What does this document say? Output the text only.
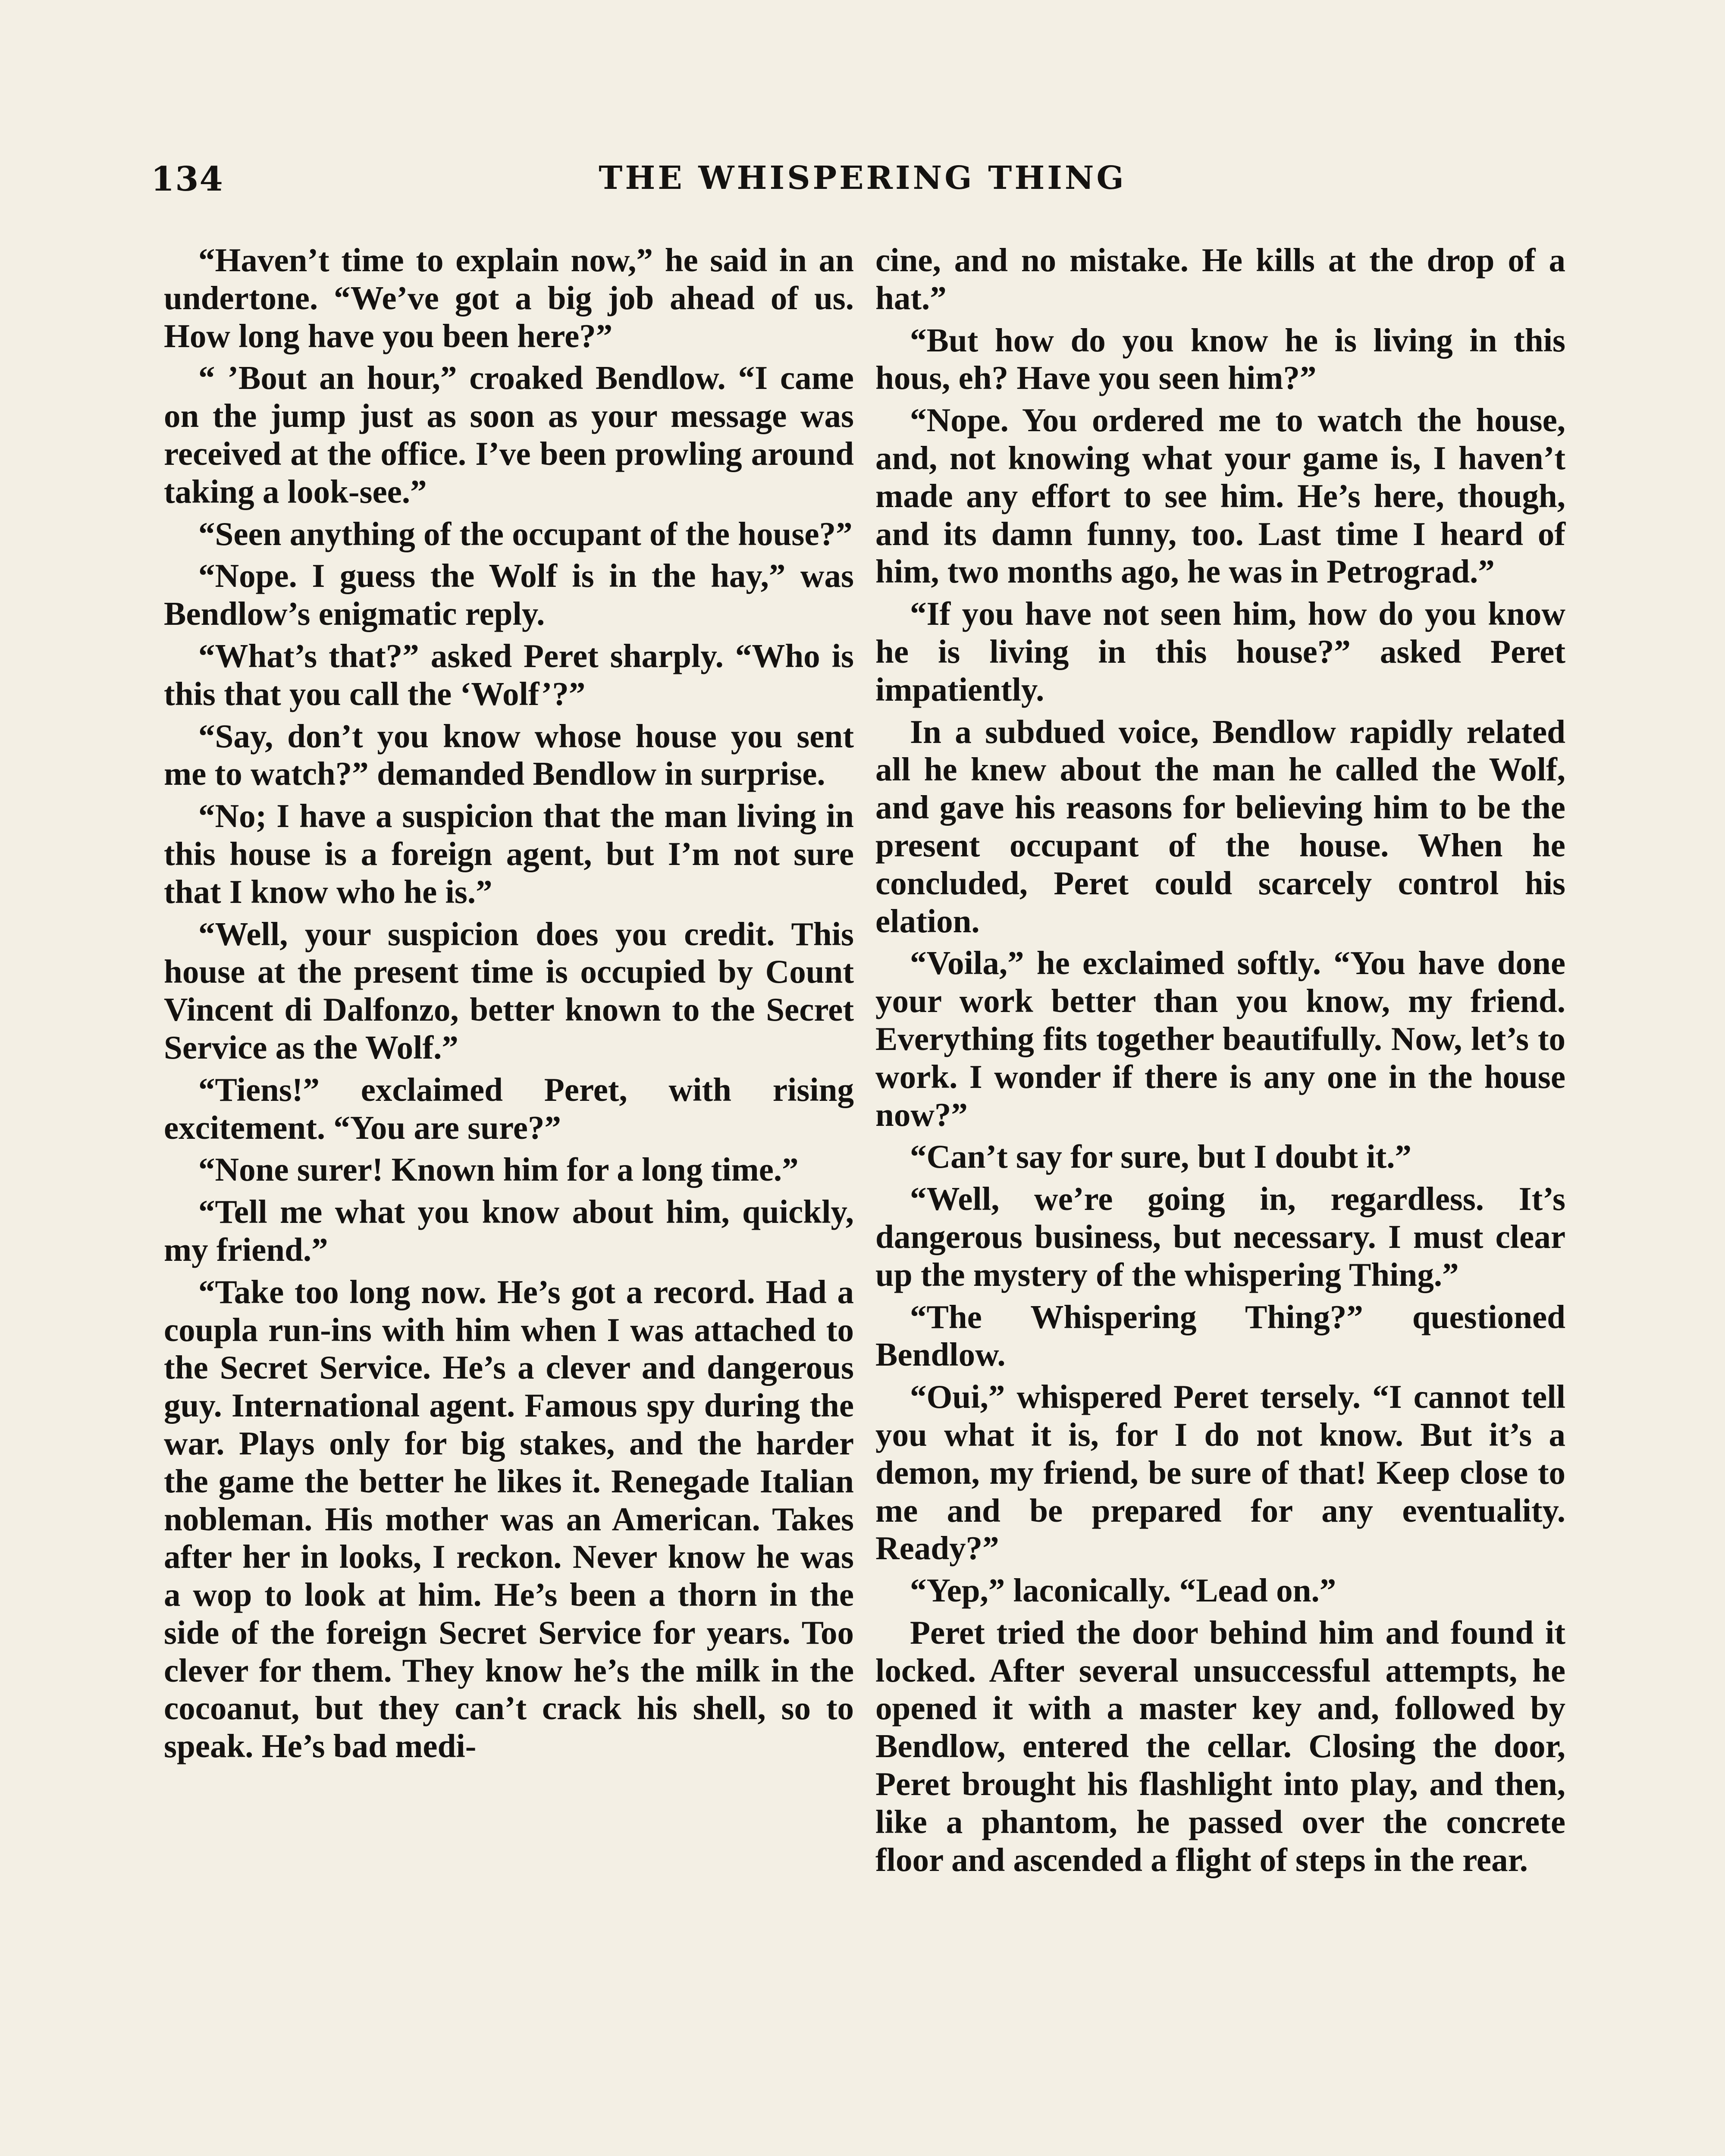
134	THE WHISPERING THING

“Haven’t time to explain now,” he said in an undertone. “We’ve got a big job ahead of us. How long have you been here?”

“ ’Bout an hour,” croaked Bendlow. “I came on the jump just as soon as your message was received at the office. I’ve been prowling around taking a look-see.”

“Seen anything of the occupant of the house?”

“Nope. I guess the Wolf is in the hay,” was Bendlow’s enigmatic reply.

“What’s that?” asked Peret sharply. “Who is this that you call the ‘Wolf’?”

“Say, don’t you know whose house you sent me to watch?” demanded Bendlow in surprise.

“No; I have a suspicion that the man living in this house is a foreign agent, but I’m not sure that I know who he is.”

“Well, your suspicion does you credit. This house at the present time is occupied by Count Vincent di Dalfonzo, better known to the Secret Service as the Wolf.”

“Tiens!” exclaimed Peret, with rising excitement. “You are sure?”

“None surer! Known him for a long time.”

“Tell me what you know about him, quickly, my friend.”

“Take too long now. He’s got a record. Had a coupla run-ins with him when I was attached to the Secret Service. He’s a clever and dangerous guy. International agent. Famous spy during the war. Plays only for big stakes, and the harder the game the better he likes it. Renegade Italian nobleman. His mother was an American. Takes after her in looks, I reckon. Never know he was a wop to look at him. He’s been a thorn in the side of the foreign Secret Service for years. Too clever for them. They know he’s the milk in the cocoanut, but they can’t crack his shell, so to speak. He’s bad medi-

cine, and no mistake. He kills at the drop of a hat.”

“But how do you know he is living in this hous, eh? Have you seen him?”

“Nope. You ordered me to watch the house, and, not knowing what your game is, I haven’t made any effort to see him. He’s here, though, and its damn funny, too. Last time I heard of him, two months ago, he was in Petrograd.”

“If you have not seen him, how do you know he is living in this house?” asked Peret impatiently.

In a subdued voice, Bendlow rapidly related all he knew about the man he called the Wolf, and gave his reasons for believing him to be the present occupant of the house. When he concluded, Peret could scarcely control his elation.

“Voila,” he exclaimed softly. “You have done your work better than you know, my friend. Everything fits together beautifully. Now, let’s to work. I wonder if there is any one in the house now?”

“Can’t say for sure, but I doubt it.”

“Well, we’re going in, regardless. It’s dangerous business, but necessary. I must clear up the mystery of the whispering Thing.”

“The Whispering Thing?” questioned Bendlow.

“Oui,” whispered Peret tersely. “I cannot tell you what it is, for I do not know. But it’s a demon, my friend, be sure of that! Keep close to me and be prepared for any eventuality. Ready?”

“Yep,” laconically. “Lead on.”

Peret tried the door behind him and found it locked. After several unsuccessful attempts, he opened it with a master key and, followed by Bendlow, entered the cellar. Closing the door, Peret brought his flashlight into play, and then, like a phantom, he passed over the concrete floor and ascended a flight of steps in the rear.
